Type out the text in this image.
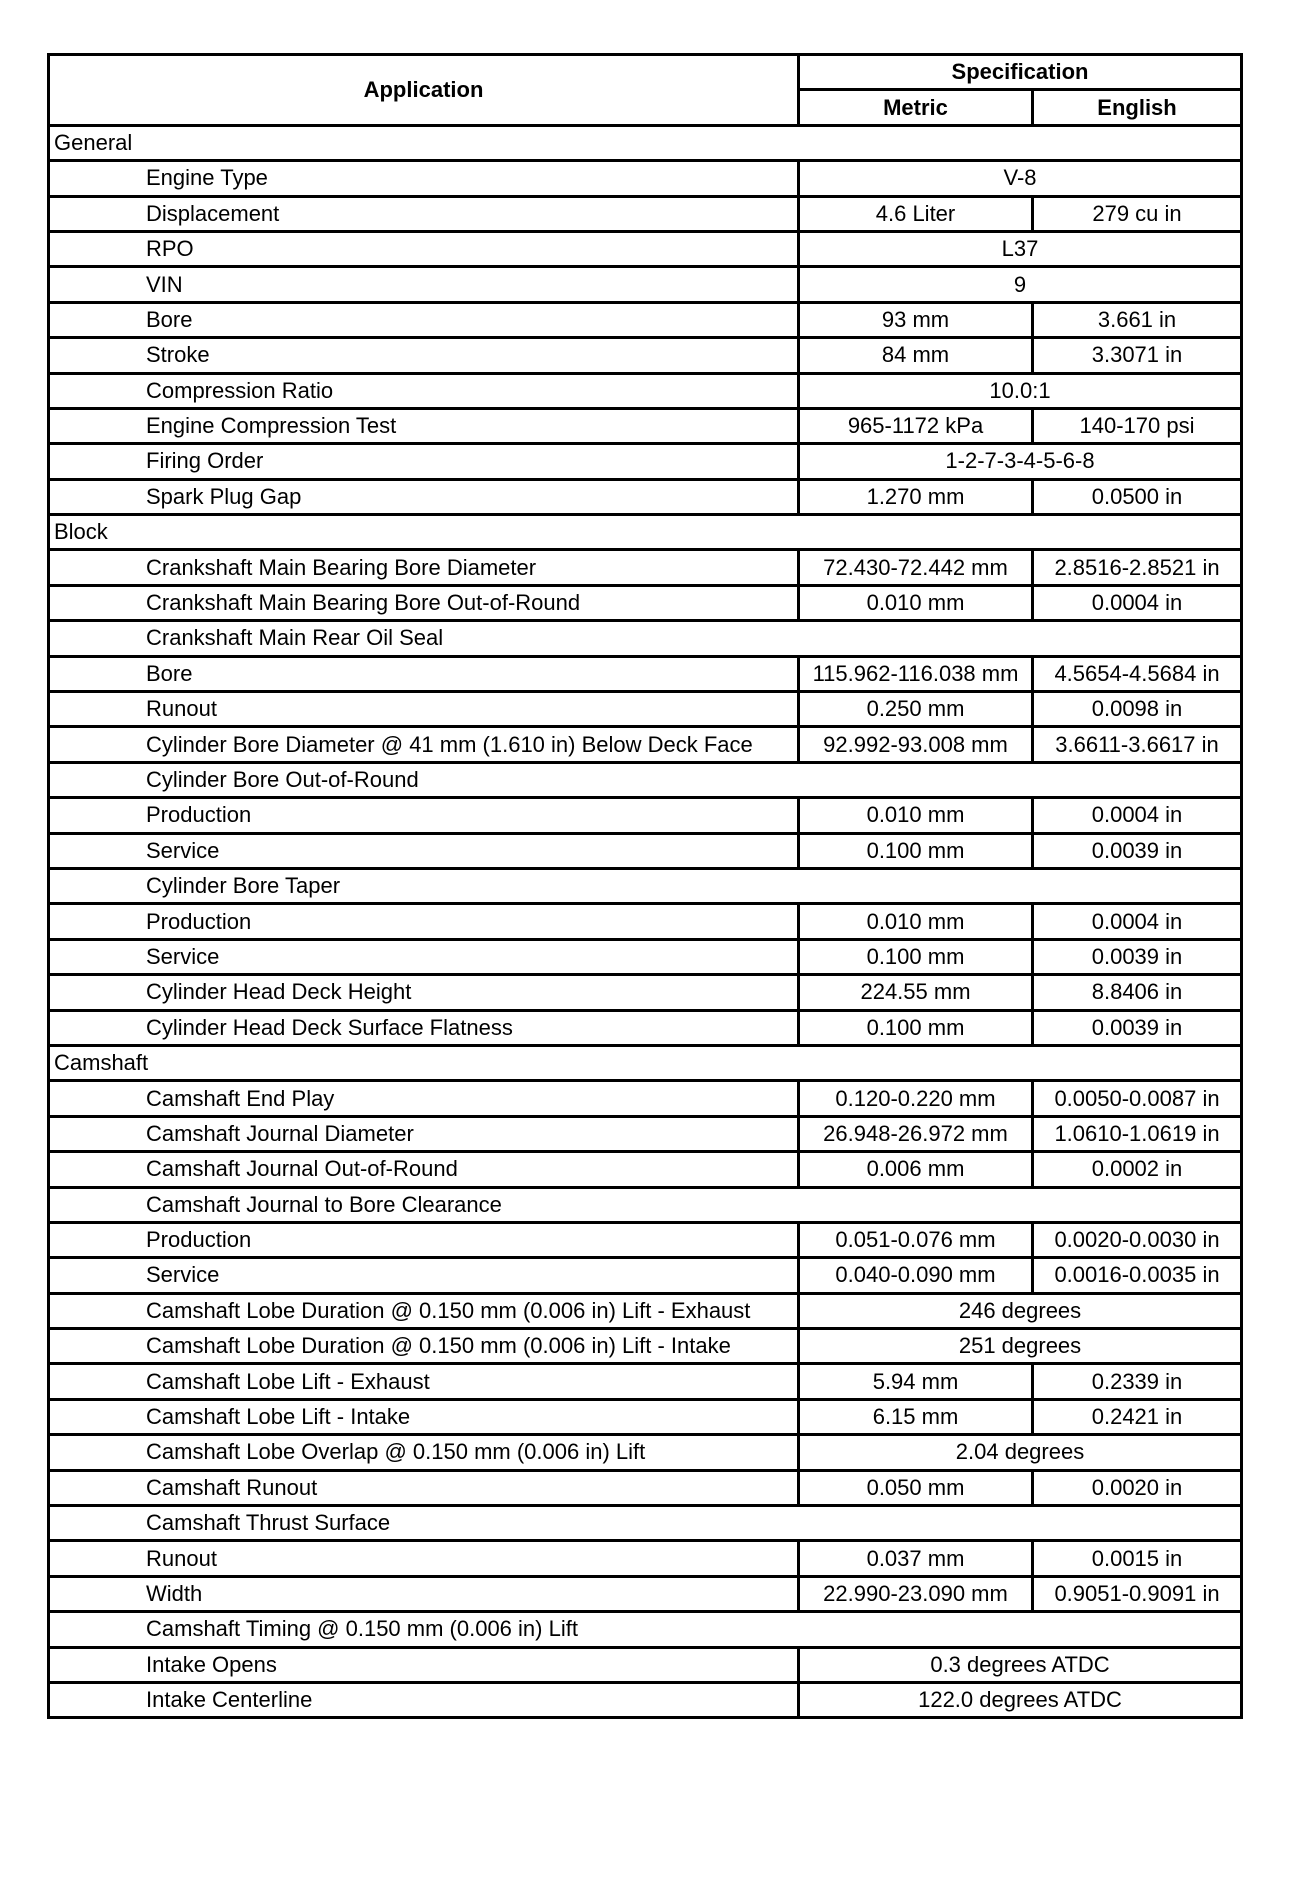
Application	Specification	
	Metric	English
General		
Engine Type	V-8	
Displacement	4.6 Liter	279 cu in
RPO	L37	
VIN	9	
Bore	93 mm	3.661 in
Stroke	84 mm	3.3071 in
Compression Ratio	10.0:1	
Engine Compression Test	965-1172 kPa	140-170 psi
Firing Order	1-2-7-3-4-5-6-8	
Spark Plug Gap	1.270 mm	0.0500 in
Block		
Crankshaft Main Bearing Bore Diameter	72.430-72.442 mm	2.8516-2.8521 in
Crankshaft Main Bearing Bore Out-of-Round	0.010 mm	0.0004 in
Crankshaft Main Rear Oil Seal		
Bore	115.962-116.038 mm	4.5654-4.5684 in
Runout	0.250 mm	0.0098 in
Cylinder Bore Diameter @ 41 mm (1.610 in) Below Deck Face	92.992-93.008 mm	3.6611-3.6617 in
Cylinder Bore Out-of-Round		
Production	0.010 mm	0.0004 in
Service	0.100 mm	0.0039 in
Cylinder Bore Taper		
Production	0.010 mm	0.0004 in
Service	0.100 mm	0.0039 in
Cylinder Head Deck Height	224.55 mm	8.8406 in
Cylinder Head Deck Surface Flatness	0.100 mm	0.0039 in
Camshaft		
Camshaft End Play	0.120-0.220 mm	0.0050-0.0087 in
Camshaft Journal Diameter	26.948-26.972 mm	1.0610-1.0619 in
Camshaft Journal Out-of-Round	0.006 mm	0.0002 in
Camshaft Journal to Bore Clearance		
Production	0.051-0.076 mm	0.0020-0.0030 in
Service	0.040-0.090 mm	0.0016-0.0035 in
Camshaft Lobe Duration @ 0.150 mm (0.006 in) Lift - Exhaust	246 degrees	
Camshaft Lobe Duration @ 0.150 mm (0.006 in) Lift - Intake	251 degrees	
Camshaft Lobe Lift - Exhaust	5.94 mm	0.2339 in
Camshaft Lobe Lift - Intake	6.15 mm	0.2421 in
Camshaft Lobe Overlap @ 0.150 mm (0.006 in) Lift	2.04 degrees	
Camshaft Runout	0.050 mm	0.0020 in
Camshaft Thrust Surface		
Runout	0.037 mm	0.0015 in
Width	22.990-23.090 mm	0.9051-0.9091 in
Camshaft Timing @ 0.150 mm (0.006 in) Lift		
Intake Opens	0.3 degrees ATDC	
Intake Centerline	122.0 degrees ATDC	
